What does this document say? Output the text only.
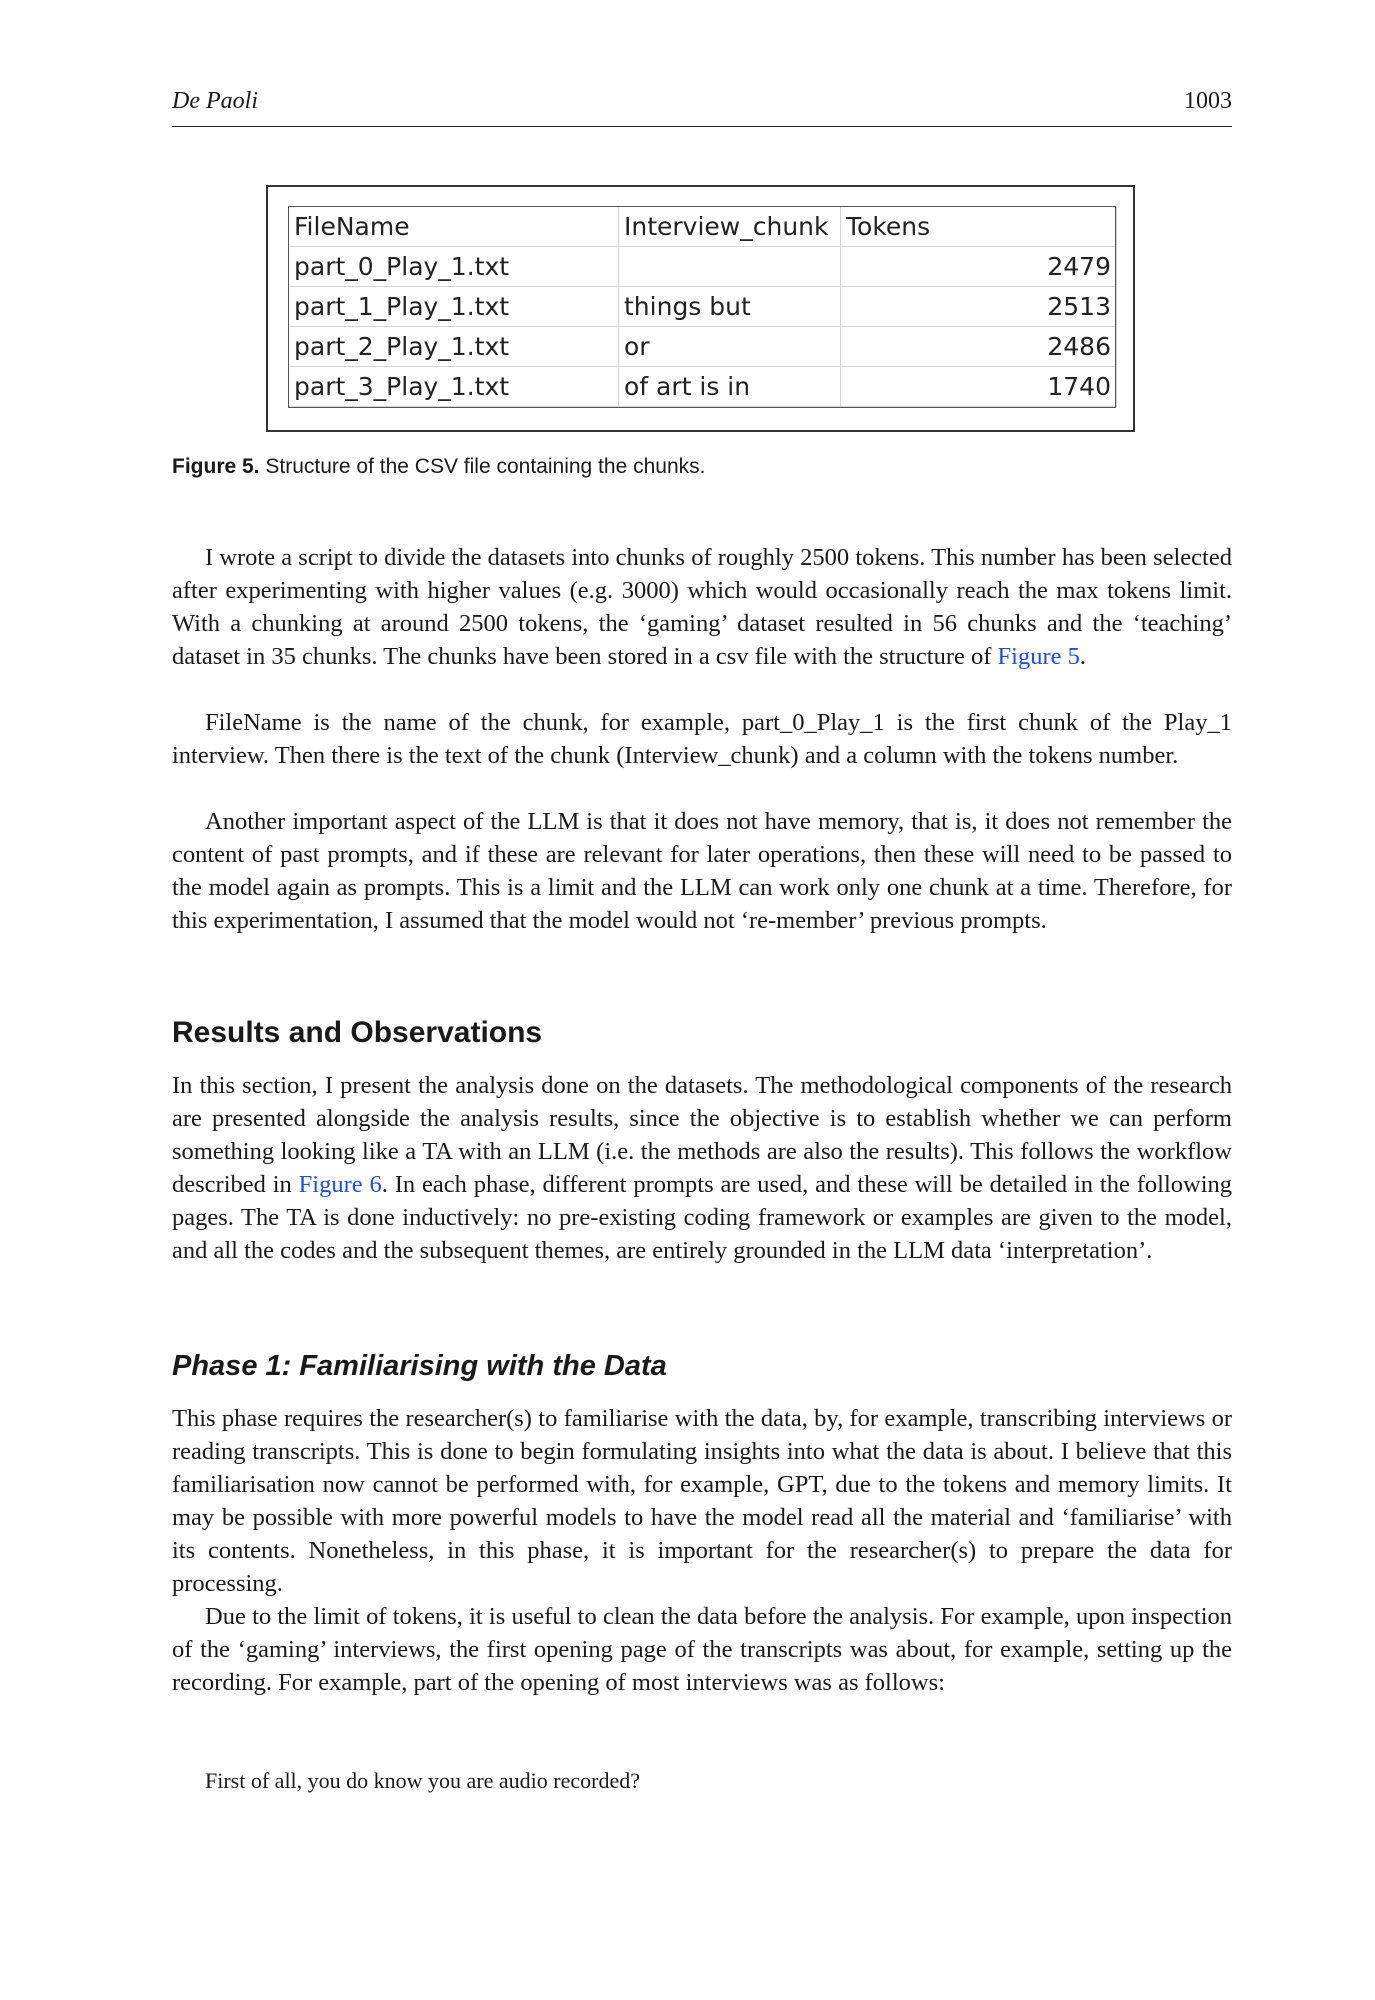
De Paoli	1003
FileName	Interview_chunk	Tokens
part_0_Play_1.txt		2479
part_1_Play_1.txt	things but	2513
part_2_Play_1.txt	or	2486
part_3_Play_1.txt	of art is in	1740
Figure 5. Structure of the CSV file containing the chunks.

I wrote a script to divide the datasets into chunks of roughly 2500 tokens. This number has been selected after experimenting with higher values (e.g. 3000) which would occasionally reach the max tokens limit. With a chunking at around 2500 tokens, the ‘gaming’ dataset resulted in 56 chunks and the ‘teaching’ dataset in 35 chunks. The chunks have been stored in a csv file with the structure of Figure 5.

FileName is the name of the chunk, for example, part_0_Play_1 is the first chunk of the Play_1 interview. Then there is the text of the chunk (Interview_chunk) and a column with the tokens number.

Another important aspect of the LLM is that it does not have memory, that is, it does not remember the content of past prompts, and if these are relevant for later operations, then these will need to be passed to the model again as prompts. This is a limit and the LLM can work only one chunk at a time. Therefore, for this experimentation, I assumed that the model would not ‘re-member’ previous prompts.

Results and Observations

In this section, I present the analysis done on the datasets. The methodological components of the research are presented alongside the analysis results, since the objective is to establish whether we can perform something looking like a TA with an LLM (i.e. the methods are also the results). This follows the workflow described in Figure 6. In each phase, different prompts are used, and these will be detailed in the following pages. The TA is done inductively: no pre-existing coding framework or examples are given to the model, and all the codes and the subsequent themes, are entirely grounded in the LLM data ‘interpretation’.

Phase 1: Familiarising with the Data

This phase requires the researcher(s) to familiarise with the data, by, for example, transcribing interviews or reading transcripts. This is done to begin formulating insights into what the data is about. I believe that this familiarisation now cannot be performed with, for example, GPT, due to the tokens and memory limits. It may be possible with more powerful models to have the model read all the material and ‘familiarise’ with its contents. Nonetheless, in this phase, it is important for the researcher(s) to prepare the data for processing.

Due to the limit of tokens, it is useful to clean the data before the analysis. For example, upon inspection of the ‘gaming’ interviews, the first opening page of the transcripts was about, for example, setting up the recording. For example, part of the opening of most interviews was as follows:

First of all, you do know you are audio recorded?
